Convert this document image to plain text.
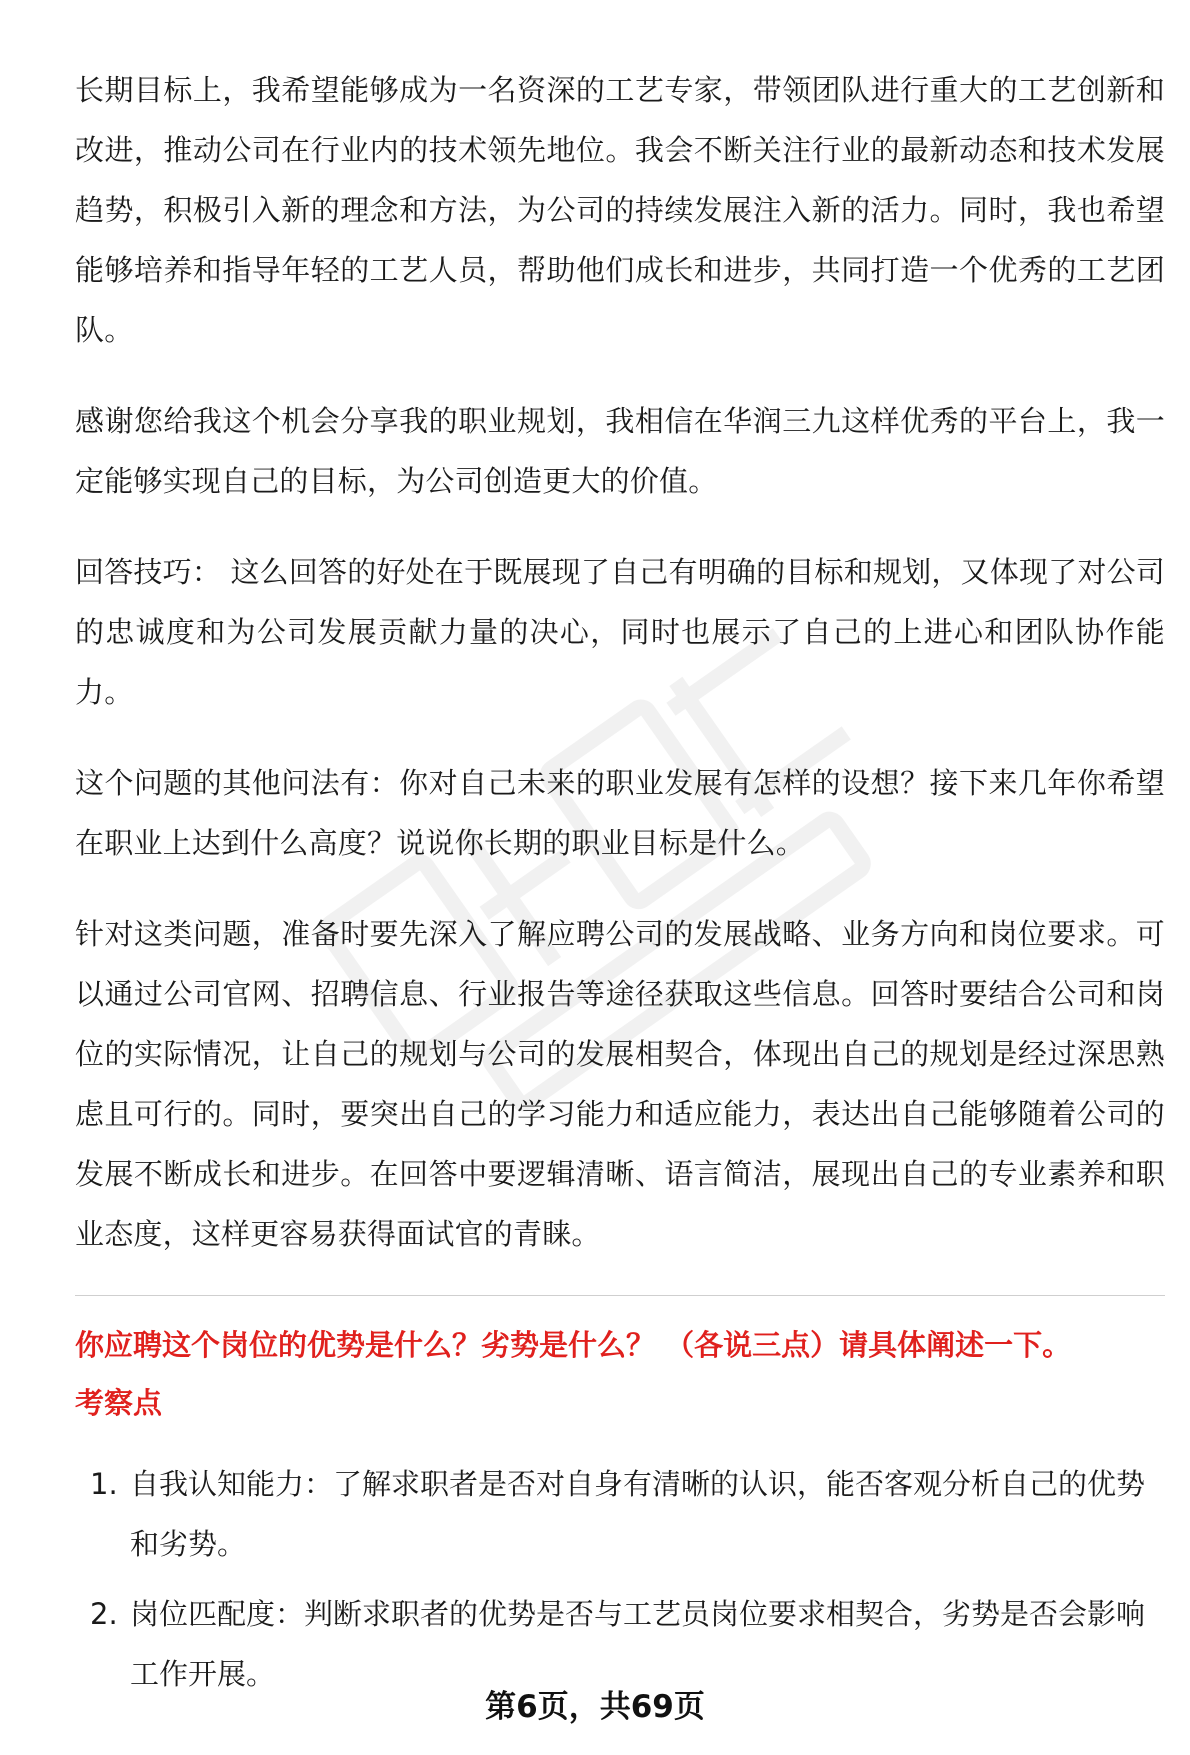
长期目标上，我希望能够成为一名资深的工艺专家，带领团队进行重大的工艺创新和改进，推动公司在行业内的技术领先地位。我会不断关注行业的最新动态和技术发展趋势，积极引入新的理念和方法，为公司的持续发展注入新的活力。同时，我也希望能够培养和指导年轻的工艺人员，帮助他们成长和进步，共同打造一个优秀的工艺团队。

感谢您给我这个机会分享我的职业规划，我相信在华润三九这样优秀的平台上，我一定能够实现自己的目标，为公司创造更大的价值。

回答技巧： 这么回答的好处在于既展现了自己有明确的目标和规划，又体现了对公司的忠诚度和为公司发展贡献力量的决心，同时也展示了自己的上进心和团队协作能力。

这个问题的其他问法有：你对自己未来的职业发展有怎样的设想？接下来几年你希望在职业上达到什么高度？说说你长期的职业目标是什么。

针对这类问题，准备时要先深入了解应聘公司的发展战略、业务方向和岗位要求。可以通过公司官网、招聘信息、行业报告等途径获取这些信息。回答时要结合公司和岗位的实际情况，让自己的规划与公司的发展相契合，体现出自己的规划是经过深思熟虑且可行的。同时，要突出自己的学习能力和适应能力，表达出自己能够随着公司的发展不断成长和进步。在回答中要逻辑清晰、语言简洁，展现出自己的专业素养和职业态度，这样更容易获得面试官的青睐。

你应聘这个岗位的优势是什么？劣势是什么？ （各说三点）请具体阐述一下。

考察点

1. 自我认知能力：了解求职者是否对自身有清晰的认识，能否客观分析自己的优势和劣势。
2. 岗位匹配度：判断求职者的优势是否与工艺员岗位要求相契合，劣势是否会影响工作开展。
第6页，共69页
